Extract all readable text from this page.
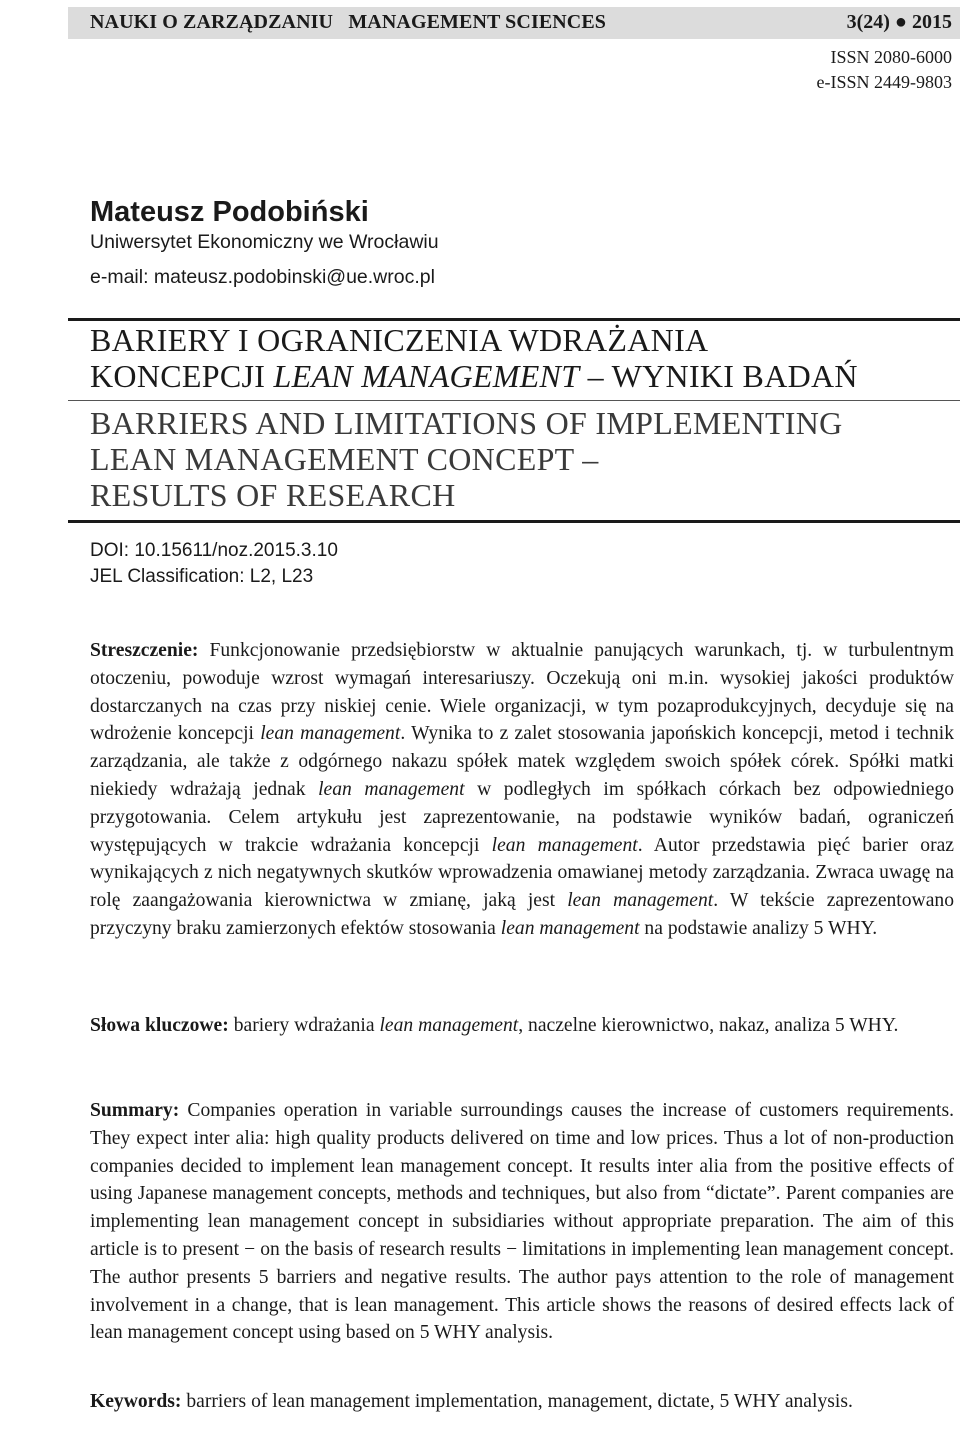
NAUKI O ZARZĄDZANIU   MANAGEMENT SCIENCES	3(24) ● 2015
ISSN 2080-6000
e-ISSN 2449-9803
Mateusz Podobiński
Uniwersytet Ekonomiczny we Wrocławiu
e-mail: mateusz.podobinski@ue.wroc.pl
BARIERY I OGRANICZENIA WDRAŻANIA
KONCEPCJI LEAN MANAGEMENT – WYNIKI BADAŃ
BARRIERS AND LIMITATIONS OF IMPLEMENTING
LEAN MANAGEMENT CONCEPT –
RESULTS OF RESEARCH
DOI: 10.15611/noz.2015.3.10
JEL Classification: L2, L23
Streszczenie: Funkcjonowanie przedsiębiorstw w aktualnie panujących warunkach, tj. w turbulentnym otoczeniu, powoduje wzrost wymagań interesariuszy. Oczekują oni m.in. wysokiej jakości produktów dostarczanych na czas przy niskiej cenie. Wiele organizacji, w tym pozaprodukcyjnych, decyduje się na wdrożenie koncepcji lean management. Wynika to z zalet stosowania japońskich koncepcji, metod i technik zarządzania, ale także z odgórnego nakazu spółek matek względem swoich spółek córek. Spółki matki niekiedy wdrażają jednak lean management w podległych im spółkach córkach bez odpowiedniego przygotowania. Celem artykułu jest zaprezentowanie, na podstawie wyników badań, ograniczeń występujących w trakcie wdrażania koncepcji lean management. Autor przedstawia pięć barier oraz wynikających z nich negatywnych skutków wprowadzenia omawianej metody zarządzania. Zwraca uwagę na rolę zaangażowania kierownictwa w zmianę, jaką jest lean management. W tekście zaprezentowano przyczyny braku zamierzonych efektów stosowania lean management na podstawie analizy 5 WHY.
Słowa kluczowe: bariery wdrażania lean management, naczelne kierownictwo, nakaz, analiza 5 WHY.
Summary: Companies operation in variable surroundings causes the increase of customers requirements. They expect inter alia: high quality products delivered on time and low prices. Thus a lot of non-production companies decided to implement lean management concept. It results inter alia from the positive effects of using Japanese management concepts, methods and techniques, but also from “dictate”. Parent companies are implementing lean management concept in subsidiaries without appropriate preparation. The aim of this article is to present − on the basis of research results − limitations in implementing lean management concept. The author presents 5 barriers and negative results. The author pays attention to the role of management involvement in a change, that is lean management. This article shows the reasons of desired effects lack of lean management concept using based on 5 WHY analysis.
Keywords: barriers of lean management implementation, management, dictate, 5 WHY analysis.
